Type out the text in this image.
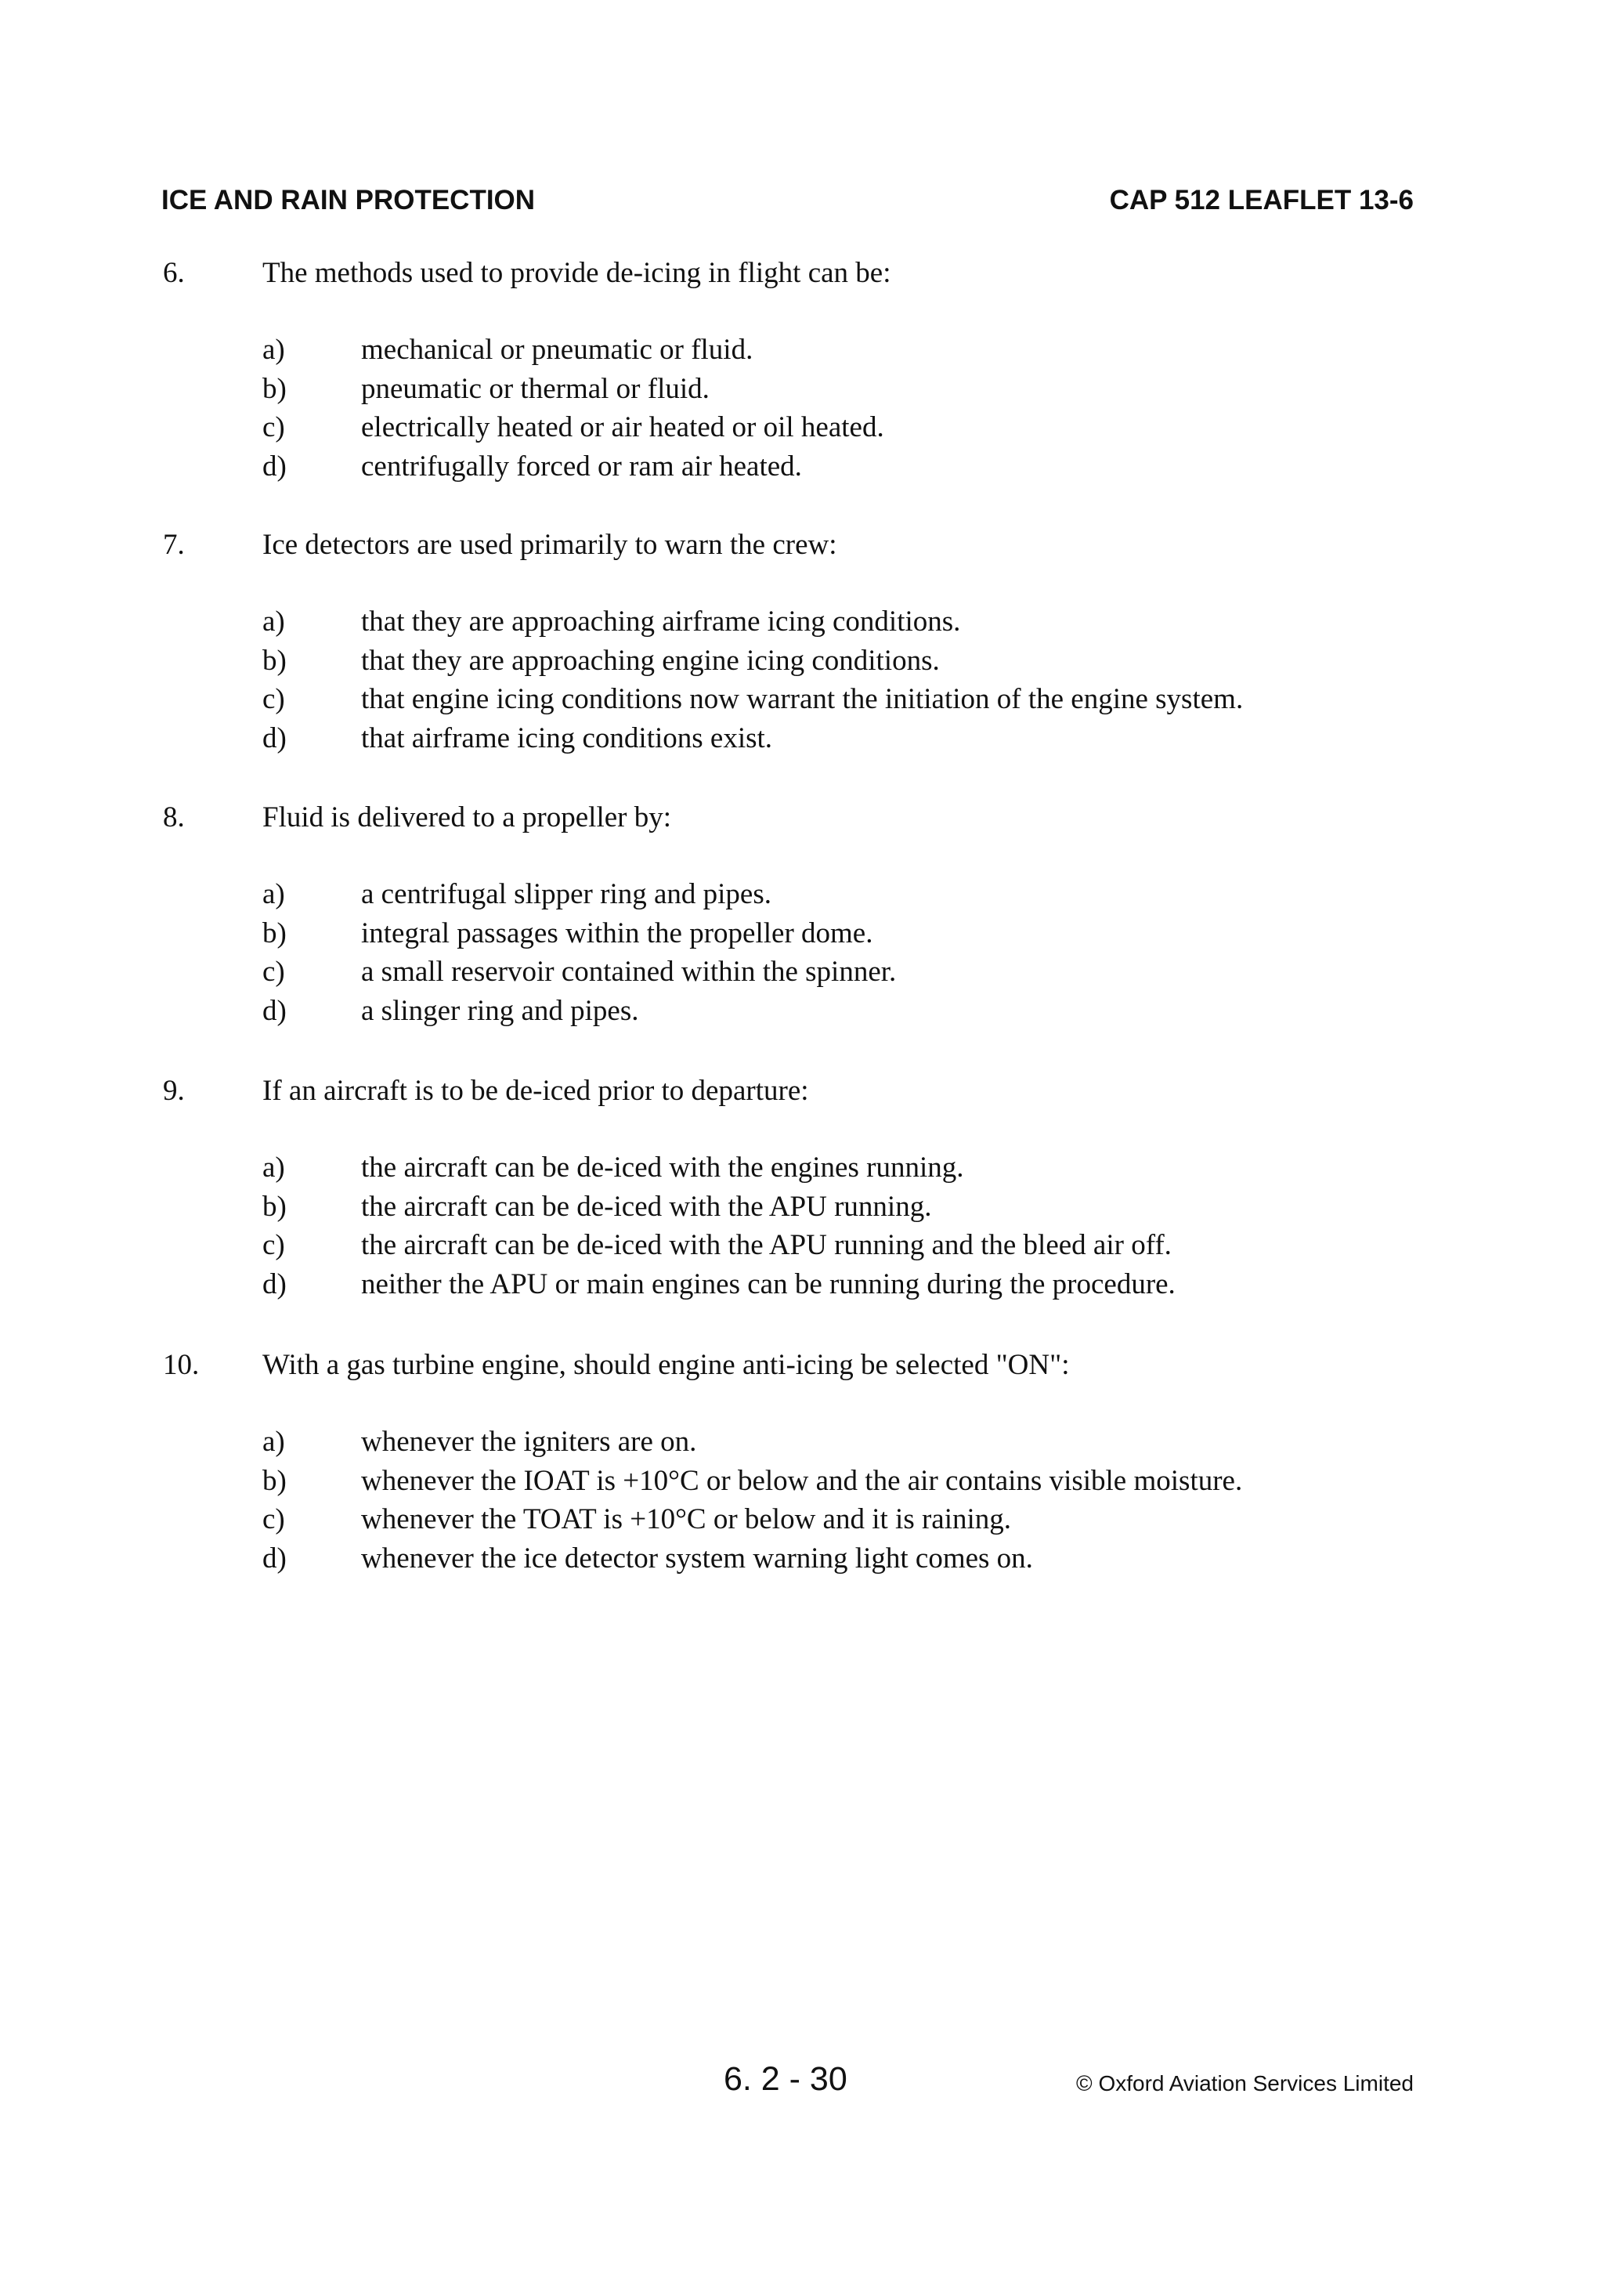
ICE AND RAIN PROTECTION	CAP 512 LEAFLET 13-6
6.	The methods used to provide de-icing in flight can be:
a)	mechanical or pneumatic or fluid.
b)	pneumatic or thermal or fluid.
c)	electrically heated or air heated or oil heated.
d)	centrifugally forced or ram air heated.
7.	Ice detectors are used primarily to warn the crew:
a)	that they are approaching airframe icing conditions.
b)	that they are approaching engine icing conditions.
c)	that engine icing conditions now warrant the initiation of the engine system.
d)	that airframe icing conditions exist.
8.	Fluid is delivered to a propeller by:
a)	a centrifugal slipper ring and pipes.
b)	integral passages within the propeller dome.
c)	a small reservoir contained within the spinner.
d)	a slinger ring and pipes.
9.	If an aircraft is to be de-iced prior to departure:
a)	the aircraft can be de-iced with the engines running.
b)	the aircraft can be de-iced with the APU running.
c)	the aircraft can be de-iced with the APU running and the bleed air off.
d)	neither the APU or main engines can be running during the procedure.
10. With a gas turbine engine, should engine anti-icing be selected "ON":
a)	whenever the igniters are on.
b)	whenever the IOAT is +10°C or below and the air contains visible moisture.
c)	whenever the TOAT is +10°C or below and it is raining.
d)	whenever the ice detector system warning light comes on.
6. 2 - 30	© Oxford Aviation Services Limited
